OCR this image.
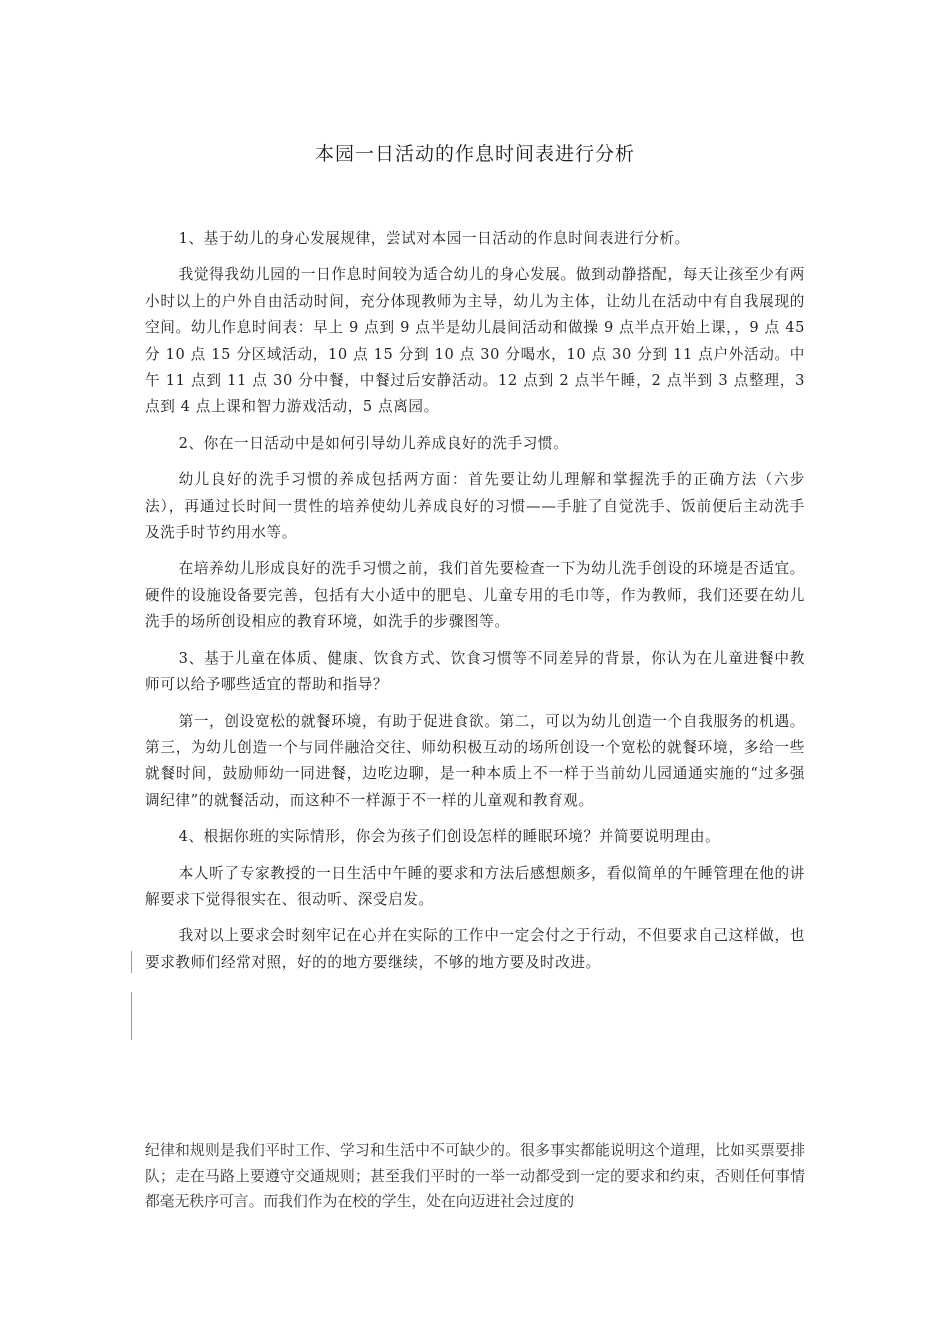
本园一日活动的作息时间表进行分析

1、基于幼儿的身心发展规律，尝试对本园一日活动的作息时间表进行分析。

我觉得我幼儿园的一日作息时间较为适合幼儿的身心发展。做到动静搭配，每天让孩至少有两小时以上的户外自由活动时间，充分体现教师为主导，幼儿为主体，让幼儿在活动中有自我展现的空间。幼儿作息时间表：早上 9 点到 9 点半是幼儿晨间活动和做操 9 点半点开始上课，，9 点 45 分 10 点 15 分区域活动，10 点 15 分到 10 点 30 分喝水，10 点 30 分到 11 点户外活动。中午 11 点到 11 点 30 分中餐，中餐过后安静活动。12 点到 2 点半午睡，2 点半到 3 点整理，3 点到 4 点上课和智力游戏活动，5 点离园。

2、你在一日活动中是如何引导幼儿养成良好的洗手习惯。

幼儿良好的洗手习惯的养成包括两方面：首先要让幼儿理解和掌握洗手的正确方法（六步法），再通过长时间一贯性的培养使幼儿养成良好的习惯——手脏了自觉洗手、饭前便后主动洗手及洗手时节约用水等。

在培养幼儿形成良好的洗手习惯之前，我们首先要检查一下为幼儿洗手创设的环境是否适宜。硬件的设施设备要完善，包括有大小适中的肥皂、儿童专用的毛巾等，作为教师，我们还要在幼儿洗手的场所创设相应的教育环境，如洗手的步骤图等。

3、基于儿童在体质、健康、饮食方式、饮食习惯等不同差异的背景，你认为在儿童进餐中教师可以给予哪些适宜的帮助和指导？

第一，创设宽松的就餐环境，有助于促进食欲。第二，可以为幼儿创造一个自我服务的机遇。 第三，为幼儿创造一个与同伴融洽交往、师幼积极互动的场所创设一个宽松的就餐环境，多给一些就餐时间，鼓励师幼一同进餐，边吃边聊，是一种本质上不一样于当前幼儿园通通实施的“过多强调纪律”的就餐活动，而这种不一样源于不一样的儿童观和教育观。

4、根据你班的实际情形，你会为孩子们创设怎样的睡眠环境？并简要说明理由。

本人听了专家教授的一日生活中午睡的要求和方法后感想颇多，看似简单的午睡管理在他的讲解要求下觉得很实在、很动听、深受启发。

我对以上要求会时刻牢记在心并在实际的工作中一定会付之于行动，不但要求自己这样做，也要求教师们经常对照，好的的地方要继续，不够的地方要及时改进。

纪律和规则是我们平时工作、学习和生活中不可缺少的。很多事实都能说明这个道理，比如买票要排队；走在马路上要遵守交通规则；甚至我们平时的一举一动都受到一定的要求和约束，否则任何事情都毫无秩序可言。而我们作为在校的学生，处在向迈进社会过度的
